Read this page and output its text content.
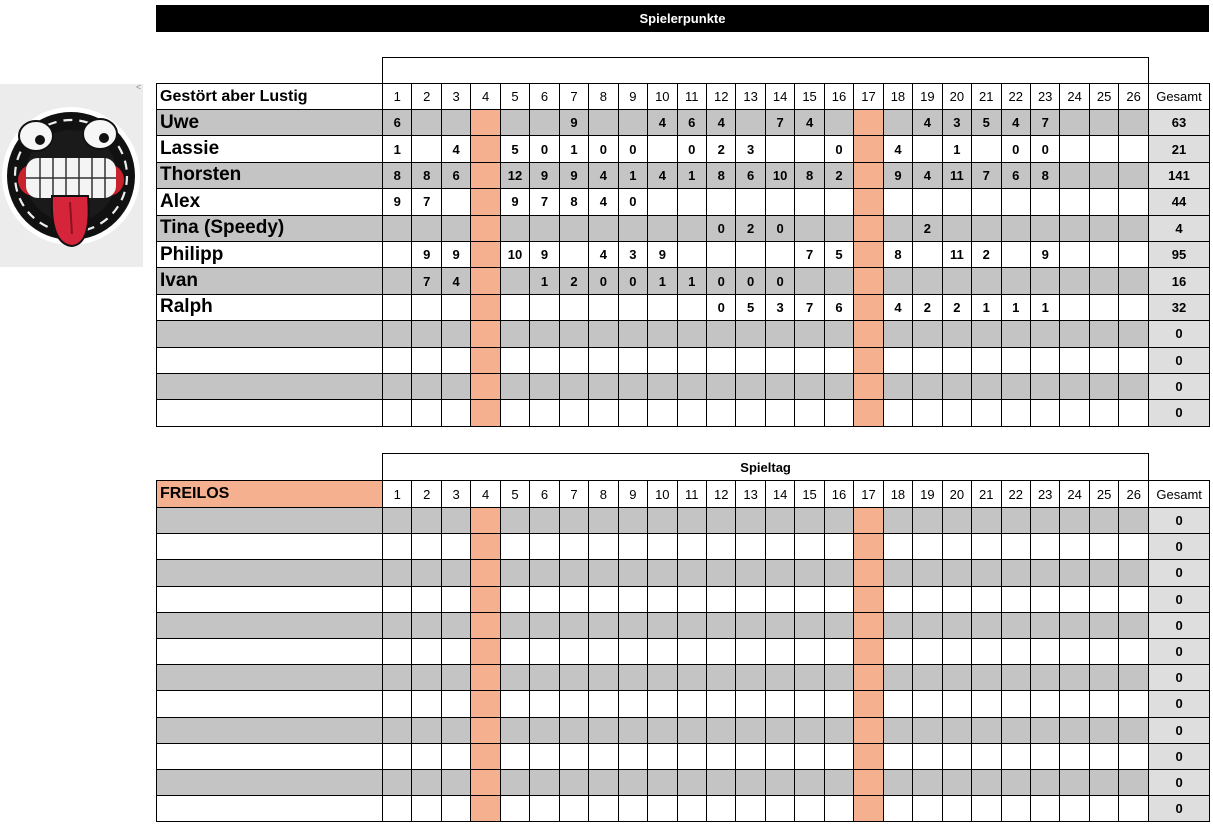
Spielerpunkte
<

Gestört aber Lustig	1	2	3	4	5	6	7	8	9	10	11	12	13	14	15	16	17	18	19	20	21	22	23	24	25	26	Gesamt
Uwe	6						9			4	6	4		7	4				4	3	5	4	7				63
Lassie	1		4		5	0	1	0	0		0	2	3			0		4		1		0	0				21
Thorsten	8	8	6		12	9	9	4	1	4	1	8	6	10	8	2		9	4	11	7	6	8				141
Alex	9	7			9	7	8	4	0																		44
Tina (Speedy)												0	2	0					2								4
Philipp		9	9		10	9		4	3	9					7	5		8		11	2		9				95
Ivan		7	4			1	2	0	0	1	1	0	0	0													16
Ralph												0	5	3	7	6		4	2	2	1	1	1				32
																											0
																											0
																											0
																											0
	Spieltag																										
FREILOS	1	2	3	4	5	6	7	8	9	10	11	12	13	14	15	16	17	18	19	20	21	22	23	24	25	26	Gesamt
																											0
																											0
																											0
																											0
																											0
																											0
																											0
																											0
																											0
																											0
																											0
																											0
